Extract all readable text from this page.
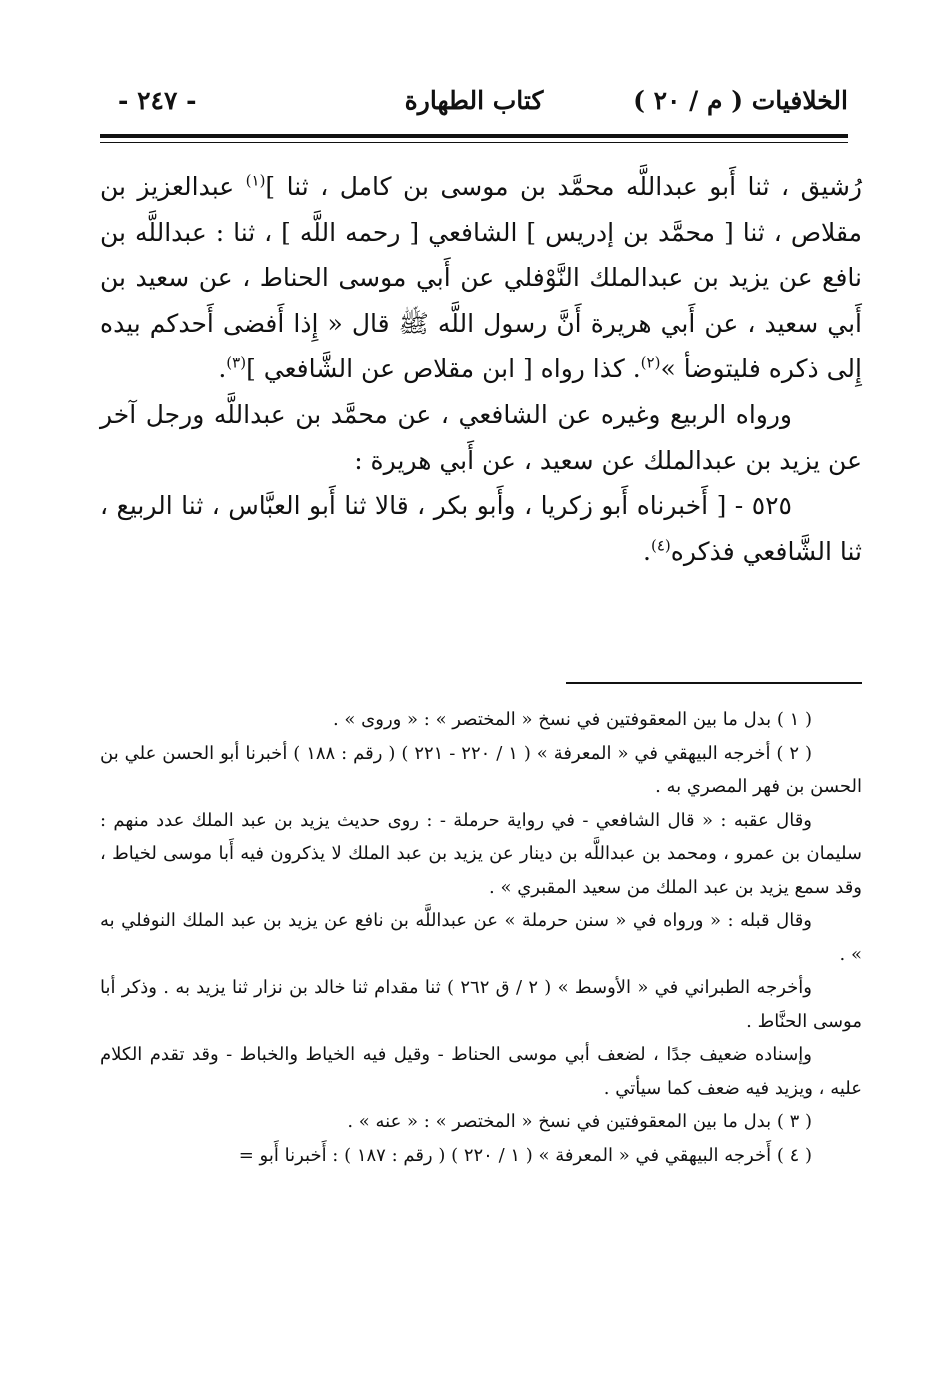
الخلافيات ( م / ٢٠ )
كتاب الطهارة
- ٢٤٧ -

رُشيق ، ثنا أَبو عبداللَّه محمَّد بن موسى بن كامل ، ثنا ]$^{(١)}$ عبدالعزيز بن مقلاص ، ثنا [ محمَّد بن إدريس ] الشافعي [ رحمه اللَّه ] ، ثنا : عبداللَّه بن نافع عن يزيد بن عبدالملك النَّوْفلي عن أَبي موسى الحناط ، عن سعيد بن أَبي سعيد ، عن أَبي هريرة أَنَّ رسول اللَّه ﷺ قال « إِذا أَفضى أَحدكم بيده إِلى ذكره فليتوضأ »$^{(٢)}$. كذا رواه [ ابن مقلاص عن الشَّافعي ]$^{(٣)}$.

ورواه الربيع وغيره عن الشافعي ، عن محمَّد بن عبداللَّه ورجل آخر عن يزيد بن عبدالملك عن سعيد ، عن أَبي هريرة :

٥٢٥ - [ أَخبرناه أَبو زكريا ، وأَبو بكر ، قالا ثنا أَبو العبَّاس ، ثنا الربيع ، ثنا الشَّافعي فذكره$^{(٤)}$.

( ١ ) بدل ما بين المعقوفتين في نسخ « المختصر » : « وروى » .

( ٢ ) أخرجه البيهقي في « المعرفة » ( ١ / ٢٢٠ - ٢٢١ ) ( رقم : ١٨٨ ) أخبرنا أبو الحسن علي بن الحسن بن فهر المصري به .

وقال عقبه : « قال الشافعي - في رواية حرملة - : روى حديث يزيد بن عبد الملك عدد منهم : سليمان بن عمرو ، ومحمد بن عبداللَّه بن دينار عن يزيد بن عبد الملك لا يذكرون فيه أَبا موسى لخياط ، وقد سمع يزيد بن عبد الملك من سعيد المقبري » .

وقال قبله : « ورواه في « سنن حرملة » عن عبداللَّه بن نافع عن يزيد بن عبد الملك النوفلي به » .

وأخرجه الطبراني في « الأوسط » ( ٢ / ق ٢٦٢ ) ثنا مقدام ثنا خالد بن نزار ثنا يزيد به . وذكر أبا موسى الحنَّاط .

وإسناده ضعيف جدًا ، لضعف أبي موسى الحناط - وقيل فيه الخياط والخباط - وقد تقدم الكلام عليه ، ويزيد فيه ضعف كما سيأتي .

( ٣ ) بدل ما بين المعقوفتين في نسخ « المختصر » : « عنه » .

( ٤ ) أَخرجه البيهقي في « المعرفة » ( ١ / ٢٢٠ ) ( رقم : ١٨٧ ) : أَخبرنا أَبو =
